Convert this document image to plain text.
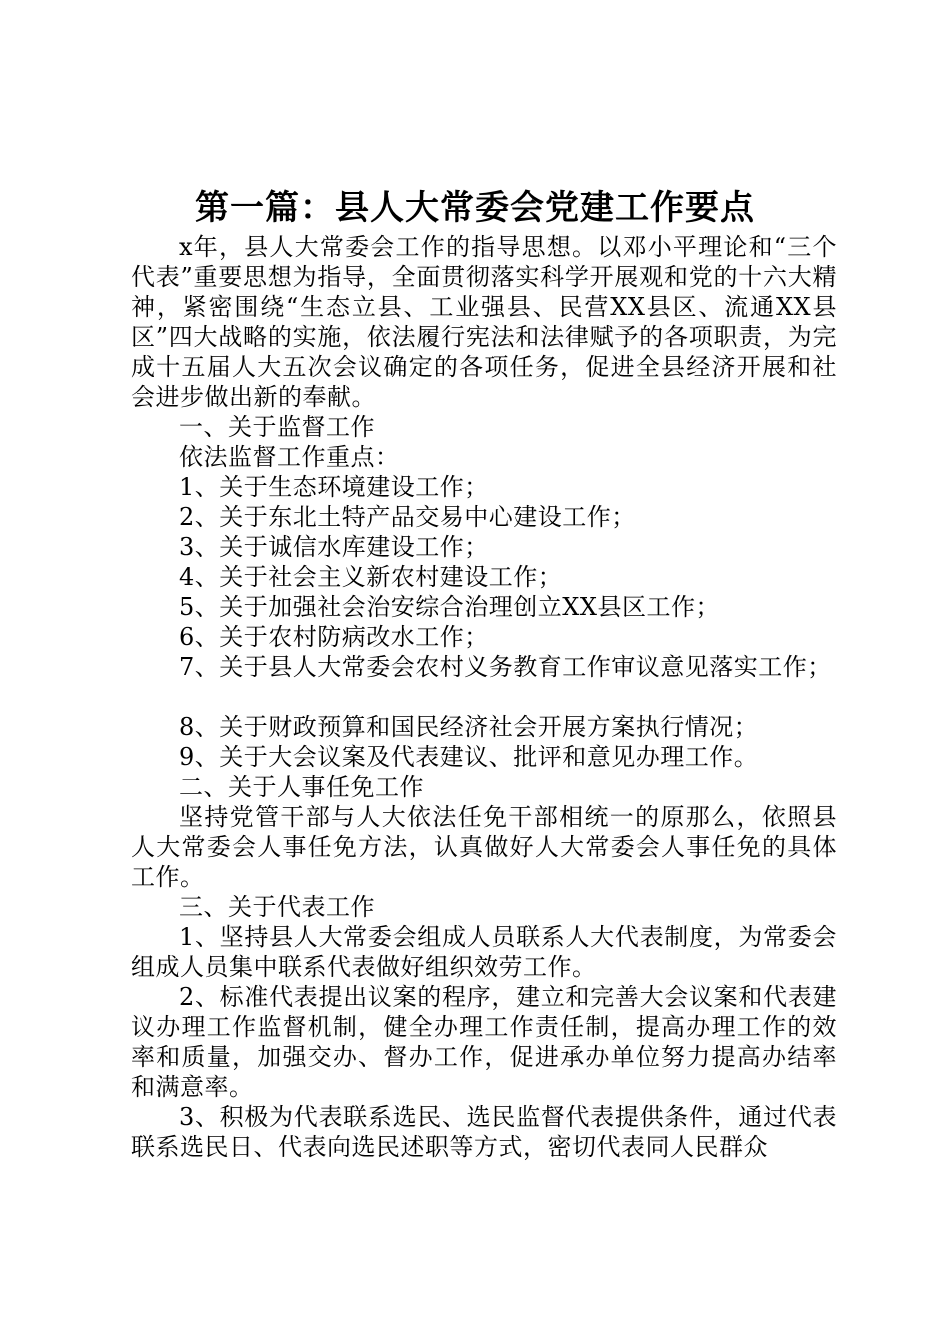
第一篇：县人大常委会党建工作要点

x年，县人大常委会工作的指导思想。以邓小平理论和“三个代表”重要思想为指导，全面贯彻落实科学开展观和党的十六大精神，紧密围绕“生态立县、工业强县、民营XX县区、流通XX县区”四大战略的实施，依法履行宪法和法律赋予的各项职责，为完成十五届人大五次会议确定的各项任务，促进全县经济开展和社会进步做出新的奉献。

一、关于监督工作

依法监督工作重点：

1、关于生态环境建设工作；

2、关于东北土特产品交易中心建设工作；

3、关于诚信水库建设工作；

4、关于社会主义新农村建设工作；

5、关于加强社会治安综合治理创立XX县区工作；

6、关于农村防病改水工作；

7、关于县人大常委会农村义务教育工作审议意见落实工作；

8、关于财政预算和国民经济社会开展方案执行情况；

9、关于大会议案及代表建议、批评和意见办理工作。

二、关于人事任免工作

坚持党管干部与人大依法任免干部相统一的原那么，依照县人大常委会人事任免方法，认真做好人大常委会人事任免的具体工作。

三、关于代表工作

1、坚持县人大常委会组成人员联系人大代表制度，为常委会组成人员集中联系代表做好组织效劳工作。

2、标准代表提出议案的程序，建立和完善大会议案和代表建议办理工作监督机制，健全办理工作责任制，提高办理工作的效率和质量，加强交办、督办工作，促进承办单位努力提高办结率和满意率。

3、积极为代表联系选民、选民监督代表提供条件，通过代表联系选民日、代表向选民述职等方式，密切代表同人民群众
